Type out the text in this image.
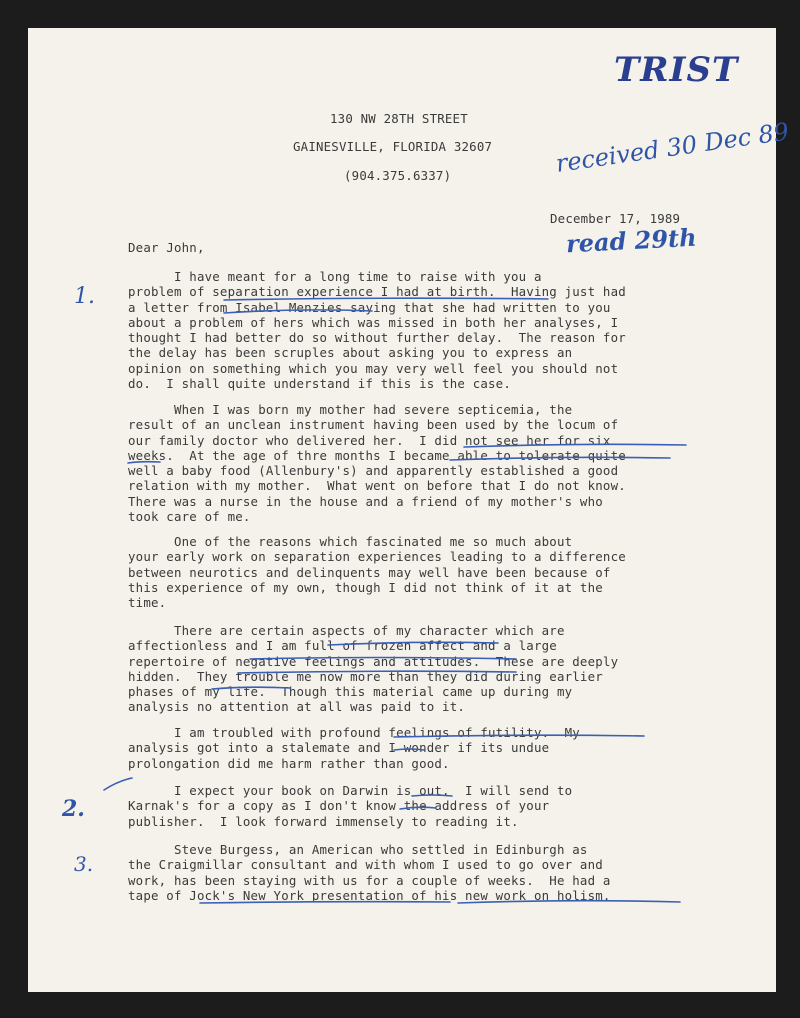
TRIST
received 30 Dec 89
read 29th
1.
2.
3.
130 NW 28TH STREET
GAINESVILLE, FLORIDA 32607
(904.375.6337)
December 17, 1989
Dear John,
I have meant for a long time to raise with you a
problem of separation experience I had at birth.  Having just had
a letter from Isabel Menzies saying that she had written to you
about a problem of hers which was missed in both her analyses, I
thought I had better do so without further delay.  The reason for
the delay has been scruples about asking you to express an
opinion on something which you may very well feel you should not
do.  I shall quite understand if this is the case.
When I was born my mother had severe septicemia, the
result of an unclean instrument having been used by the locum of
our family doctor who delivered her.  I did not see her for six
weeks.  At the age of thre months I became able to tolerate quite
well a baby food (Allenbury's) and apparently established a good
relation with my mother.  What went on before that I do not know.
There was a nurse in the house and a friend of my mother's who
took care of me.
One of the reasons which fascinated me so much about
your early work on separation experiences leading to a difference
between neurotics and delinquents may well have been because of
this experience of my own, though I did not think of it at the
time.
There are certain aspects of my character which are
affectionless and I am full of frozen affect and a large
repertoire of negative feelings and attitudes.  These are deeply
hidden.  They trouble me now more than they did during earlier
phases of my life.  Though this material came up during my
analysis no attention at all was paid to it.
I am troubled with profound feelings of futility.  My
analysis got into a stalemate and I wonder if its undue
prolongation did me harm rather than good.
I expect your book on Darwin is out.  I will send to
Karnak's for a copy as I don't know the address of your
publisher.  I look forward immensely to reading it.
Steve Burgess, an American who settled in Edinburgh as
the Craigmillar consultant and with whom I used to go over and
work, has been staying with us for a couple of weeks.  He had a
tape of Jock's New York presentation of his new work on holism.
